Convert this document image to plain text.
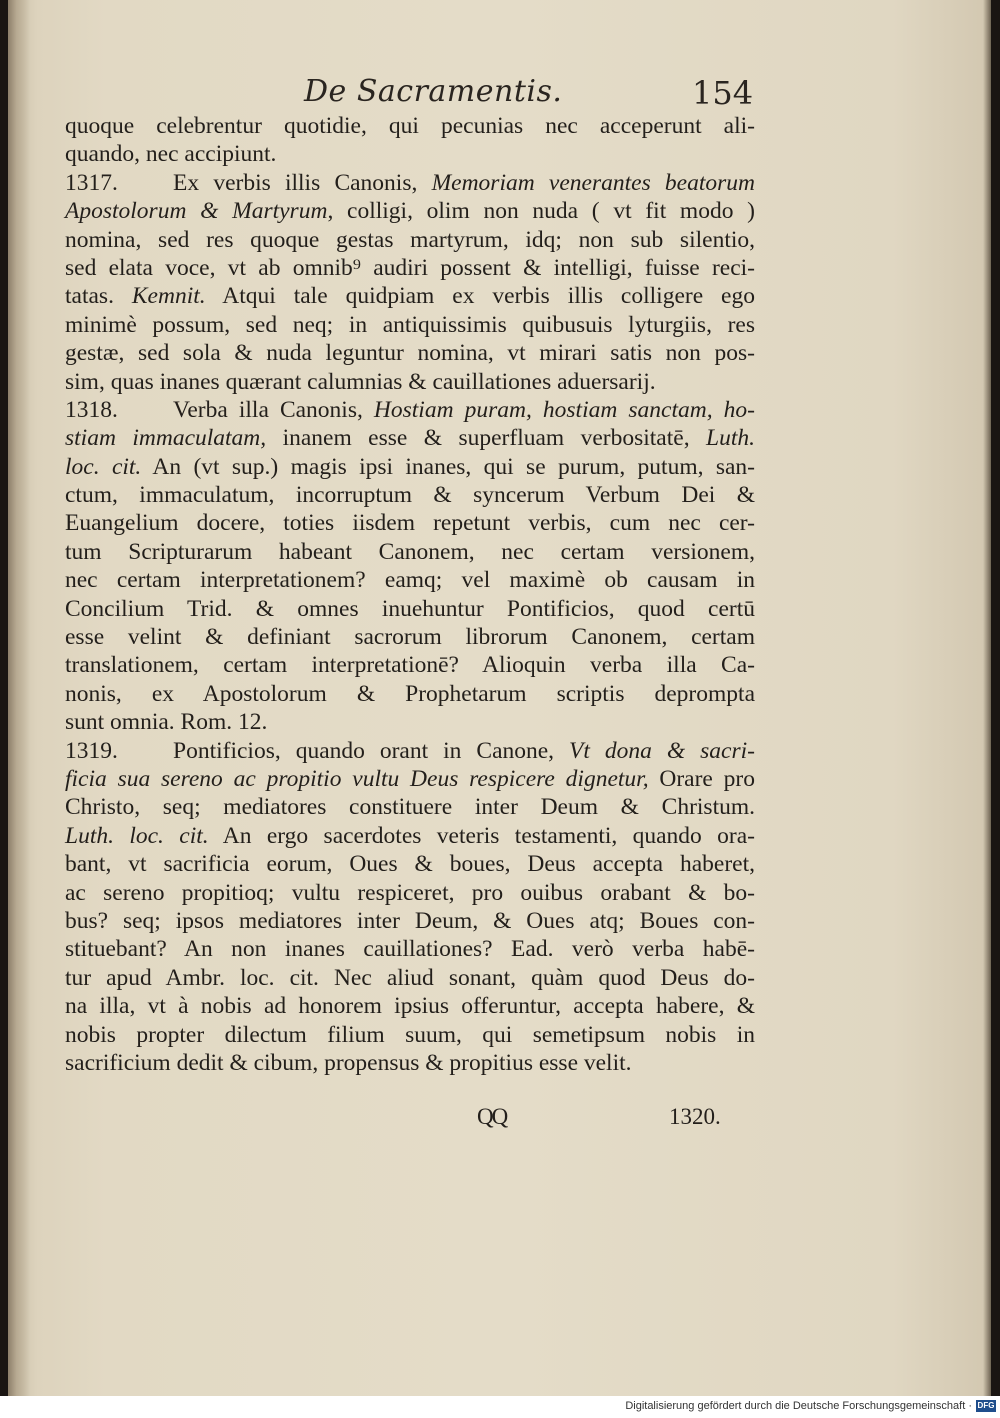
De Sacramentis.	154
quoque celebrentur quotidie, qui pecunias nec acceperunt ali-
quando, nec accipiunt.
1317. Ex verbis illis Canonis, Memoriam venerantes beatorum
Apostolorum & Martyrum, colligi, olim non nuda ( vt fit modo )
nomina, sed res quoque gestas martyrum, idq; non sub silentio,
sed elata voce, vt ab omnib⁹ audiri possent & intelligi, fuisse reci-
tatas. Kemnit. Atqui tale quidpiam ex verbis illis colligere ego
minimè possum, sed neq; in antiquissimis quibusuis lyturgiis, res
gestæ, sed sola & nuda leguntur nomina, vt mirari satis non pos-
sim, quas inanes quærant calumnias & cauillationes aduersarij.
1318. Verba illa Canonis, Hostiam puram, hostiam sanctam, ho-
stiam immaculatam, inanem esse & superfluam verbositatē, Luth.
loc. cit. An (vt sup.) magis ipsi inanes, qui se purum, putum, san-
ctum, immaculatum, incorruptum & syncerum Verbum Dei &
Euangelium docere, toties iisdem repetunt verbis, cum nec cer-
tum Scripturarum habeant Canonem, nec certam versionem,
nec certam interpretationem? eamq; vel maximè ob causam in
Concilium Trid. & omnes inuehuntur Pontificios, quod certū
esse velint & definiant sacrorum librorum Canonem, certam
translationem, certam interpretationē? Alioquin verba illa Ca-
nonis, ex Apostolorum & Prophetarum scriptis deprompta
sunt omnia. Rom. 12.
1319. Pontificios, quando orant in Canone, Vt dona & sacri-
ficia sua sereno ac propitio vultu Deus respicere dignetur, Orare pro
Christo, seq; mediatores constituere inter Deum & Christum.
Luth. loc. cit. An ergo sacerdotes veteris testamenti, quando ora-
bant, vt sacrificia eorum, Oues & boues, Deus accepta haberet,
ac sereno propitioq; vultu respiceret, pro ouibus orabant & bo-
bus? seq; ipsos mediatores inter Deum, & Oues atq; Boues con-
stituebant? An non inanes cauillationes? Ead. verò verba habē-
tur apud Ambr. loc. cit. Nec aliud sonant, quàm quod Deus do-
na illa, vt à nobis ad honorem ipsius offeruntur, accepta habere, &
nobis propter dilectum filium suum, qui semetipsum nobis in
sacrificium dedit & cibum, propensus & propitius esse velit.
QQ	1320.
Digitalisierung gefördert durch die Deutsche Forschungsgemeinschaft · DFG
